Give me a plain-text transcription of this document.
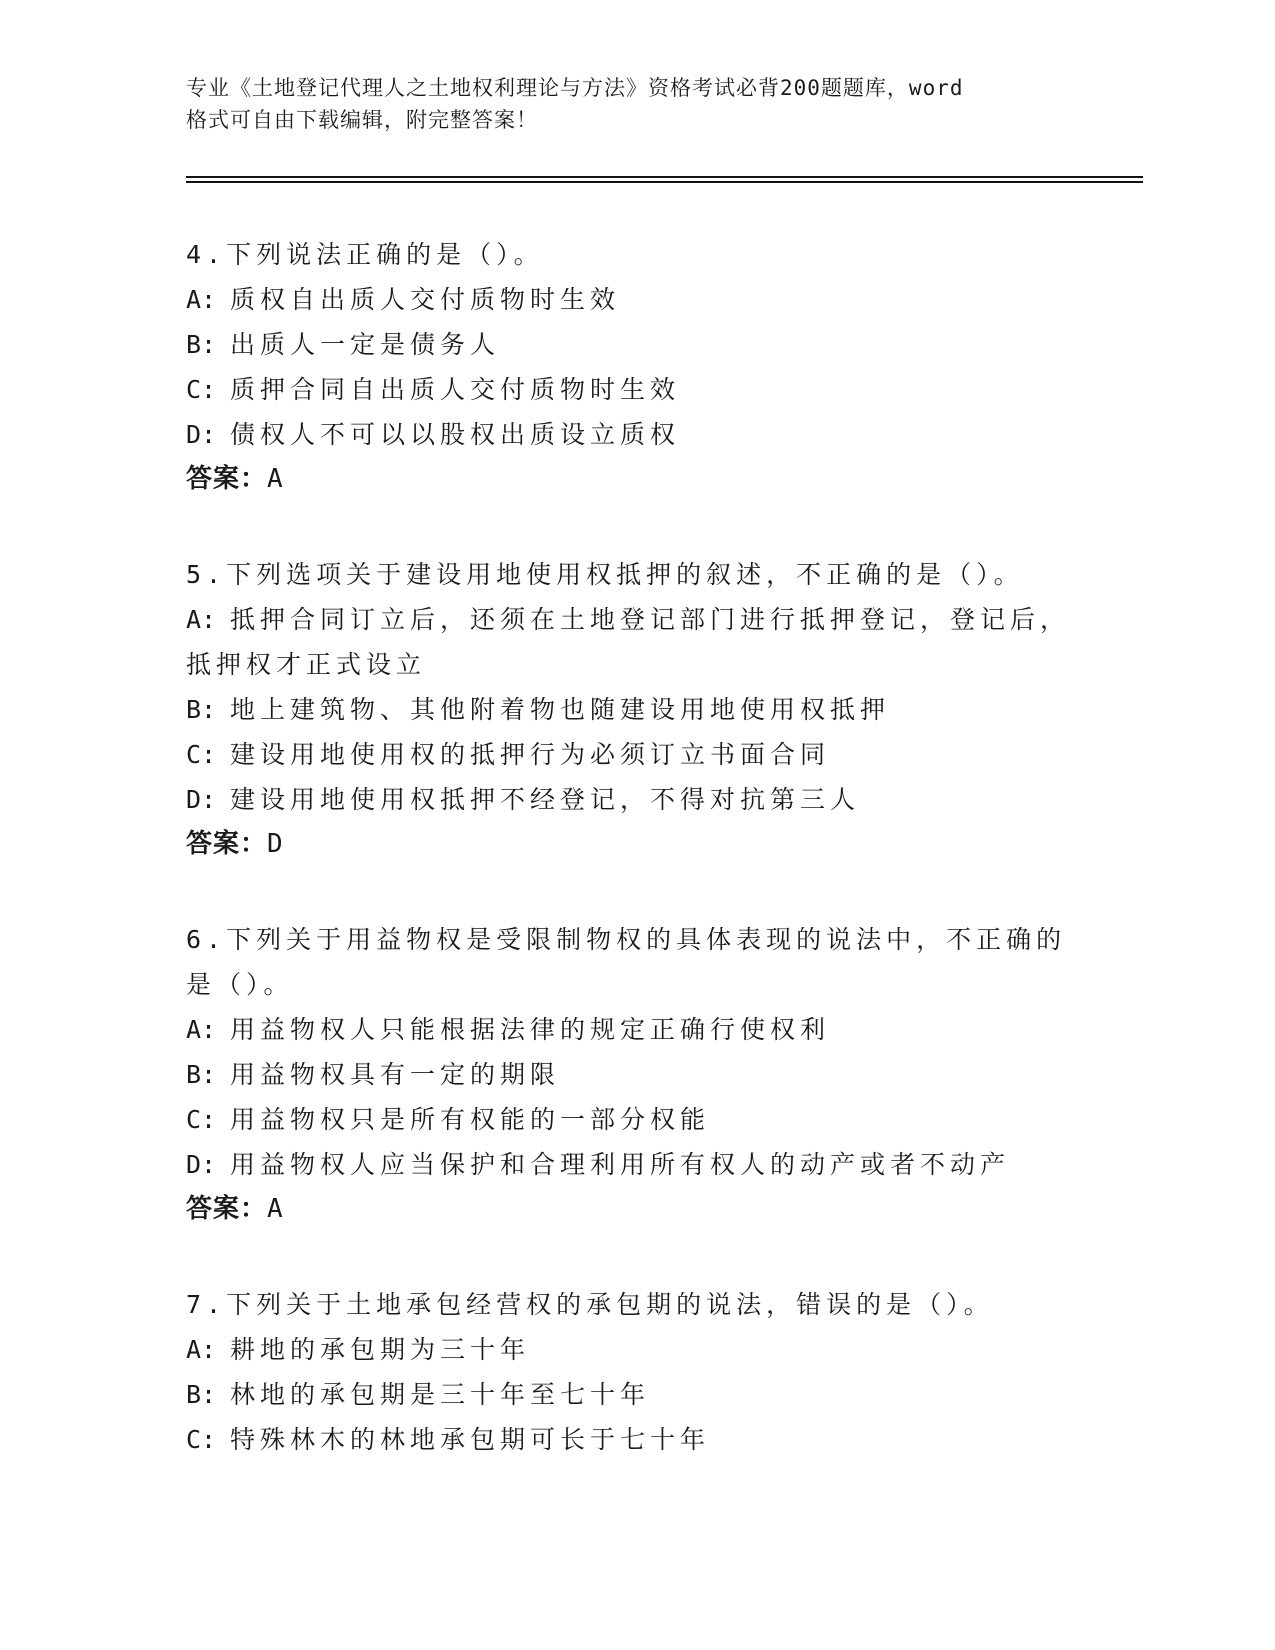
专业《土地登记代理人之土地权利理论与方法》资格考试必背200题题库，word
格式可自由下载编辑，附完整答案！
4.下列说法正确的是（）。
A: 质权自出质人交付质物时生效
B: 出质人一定是债务人
C: 质押合同自出质人交付质物时生效
D: 债权人不可以以股权出质设立质权
答案：A
5.下列选项关于建设用地使用权抵押的叙述，不正确的是（）。
A: 抵押合同订立后，还须在土地登记部门进行抵押登记，登记后，抵押权才正式设立
B: 地上建筑物、其他附着物也随建设用地使用权抵押
C: 建设用地使用权的抵押行为必须订立书面合同
D: 建设用地使用权抵押不经登记，不得对抗第三人
答案：D
6.下列关于用益物权是受限制物权的具体表现的说法中，不正确的是（）。
A: 用益物权人只能根据法律的规定正确行使权利
B: 用益物权具有一定的期限
C: 用益物权只是所有权能的一部分权能
D: 用益物权人应当保护和合理利用所有权人的动产或者不动产
答案：A
7.下列关于土地承包经营权的承包期的说法，错误的是（）。
A: 耕地的承包期为三十年
B: 林地的承包期是三十年至七十年
C: 特殊林木的林地承包期可长于七十年
